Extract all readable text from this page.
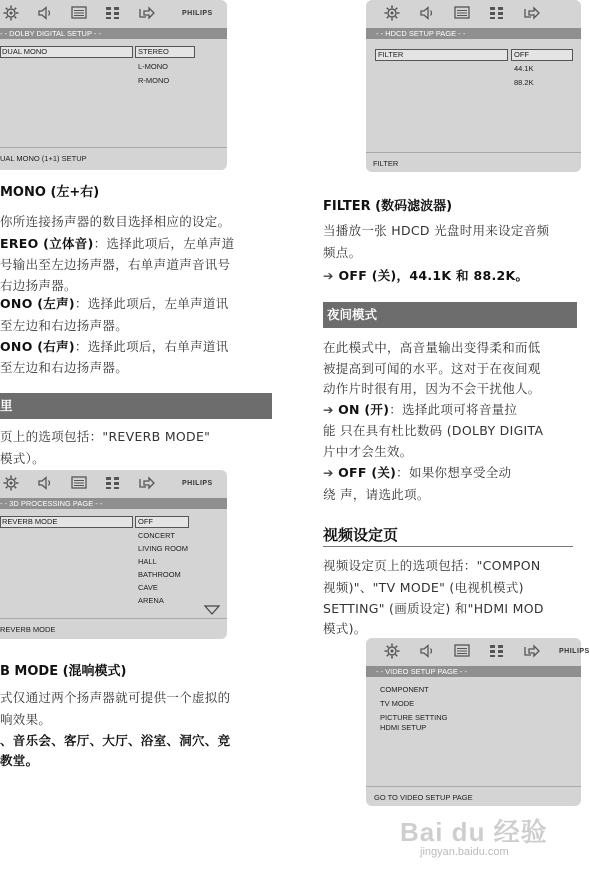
PHILIPS
- - DOLBY DIGITAL SETUP - -
DUAL MONO	STEREO
L-MONO
R-MONO
UAL MONO (1+1) SETUP
MONO (左+右)
你所连接扬声器的数目选择相应的设定。
EREO (立体音)：选择此项后，左单声道
号输出至左边扬声器，右单声道声音讯号
右边扬声器。
ONO (左声)：选择此项后，左单声道讯
至左边和右边扬声器。
ONO (右声)：选择此项后，右单声道讯
至左边和右边扬声器。
里
页上的选项包括："REVERB MODE"
模式）。
PHILIPS
- - 3D PROCESSING PAGE - -
REVERB MODE	OFF
CONCERT
LIVING ROOM
HALL
BATHROOM
CAVE
ARENA
REVERB MODE
B MODE (混响模式)
式仅通过两个扬声器就可提供一个虚拟的
响效果。
、音乐会、客厅、大厅、浴室、洞穴、竞
教堂。
- - HDCD SETUP PAGE - -
FILTER	OFF
44.1K
88.2K
FILTER
FILTER (数码滤波器)
当播放一张 HDCD 光盘时用来设定音频
频点。
➔ OFF (关)，44.1K 和 88.2K。
夜间模式
在此模式中，高音量输出变得柔和而低
被提高到可闻的水平。这对于在夜间观
动作片时很有用，因为不会干扰他人。
➔ ON (开)：选择此项可将音量拉
能 只在具有杜比数码 (DOLBY DIGITA
片中才会生效。
➔ OFF (关)：如果你想享受全动
绕 声，请选此项。
视频设定页
视频设定页上的选项包括："COMPON
视频)"、"TV MODE" (电视机模式)
SETTING" (画质设定) 和"HDMI MOD
模式)。
PHILIPS
- - VIDEO SETUP PAGE - -
COMPONENT
TV MODE
PICTURE SETTING
HDMI SETUP
GO TO VIDEO SETUP PAGE
Bai du 经验
jingyan.baidu.com
